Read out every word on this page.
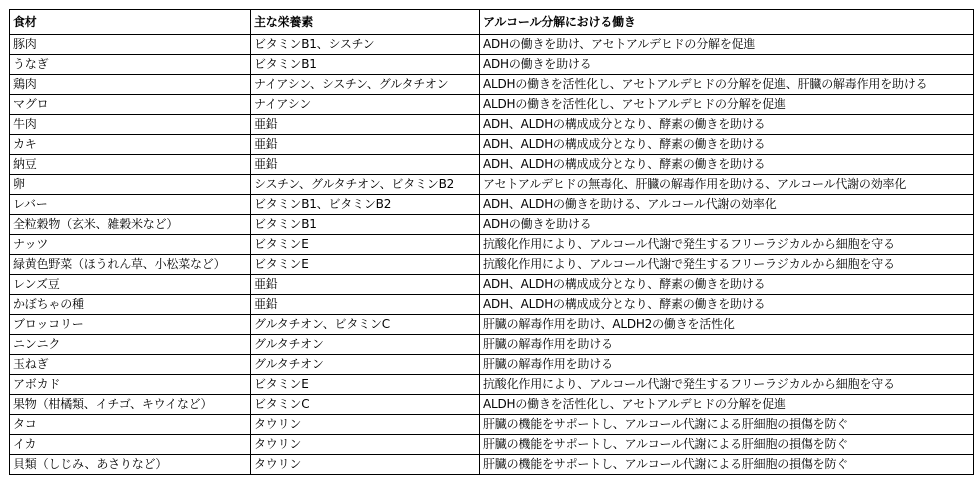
食材	主な栄養素	アルコール分解における働き
豚肉	ビタミンB1、シスチン	ADHの働きを助け、アセトアルデヒドの分解を促進
うなぎ	ビタミンB1	ADHの働きを助ける
鶏肉	ナイアシン、シスチン、グルタチオン	ALDHの働きを活性化し、アセトアルデヒドの分解を促進、肝臓の解毒作用を助ける
マグロ	ナイアシン	ALDHの働きを活性化し、アセトアルデヒドの分解を促進
牛肉	亜鉛	ADH、ALDHの構成成分となり、酵素の働きを助ける
カキ	亜鉛	ADH、ALDHの構成成分となり、酵素の働きを助ける
納豆	亜鉛	ADH、ALDHの構成成分となり、酵素の働きを助ける
卵	シスチン、グルタチオン、ビタミンB2	アセトアルデヒドの無毒化、肝臓の解毒作用を助ける、アルコール代謝の効率化
レバー	ビタミンB1、ビタミンB2	ADH、ALDHの働きを助ける、アルコール代謝の効率化
全粒穀物（玄米、雑穀米など）	ビタミンB1	ADHの働きを助ける
ナッツ	ビタミンE	抗酸化作用により、アルコール代謝で発生するフリーラジカルから細胞を守る
緑黄色野菜（ほうれん草、小松菜など）	ビタミンE	抗酸化作用により、アルコール代謝で発生するフリーラジカルから細胞を守る
レンズ豆	亜鉛	ADH、ALDHの構成成分となり、酵素の働きを助ける
かぼちゃの種	亜鉛	ADH、ALDHの構成成分となり、酵素の働きを助ける
ブロッコリー	グルタチオン、ビタミンC	肝臓の解毒作用を助け、ALDH2の働きを活性化
ニンニク	グルタチオン	肝臓の解毒作用を助ける
玉ねぎ	グルタチオン	肝臓の解毒作用を助ける
アボカド	ビタミンE	抗酸化作用により、アルコール代謝で発生するフリーラジカルから細胞を守る
果物（柑橘類、イチゴ、キウイなど）	ビタミンC	ALDHの働きを活性化し、アセトアルデヒドの分解を促進
タコ	タウリン	肝臓の機能をサポートし、アルコール代謝による肝細胞の損傷を防ぐ
イカ	タウリン	肝臓の機能をサポートし、アルコール代謝による肝細胞の損傷を防ぐ
貝類（しじみ、あさりなど）	タウリン	肝臓の機能をサポートし、アルコール代謝による肝細胞の損傷を防ぐ
